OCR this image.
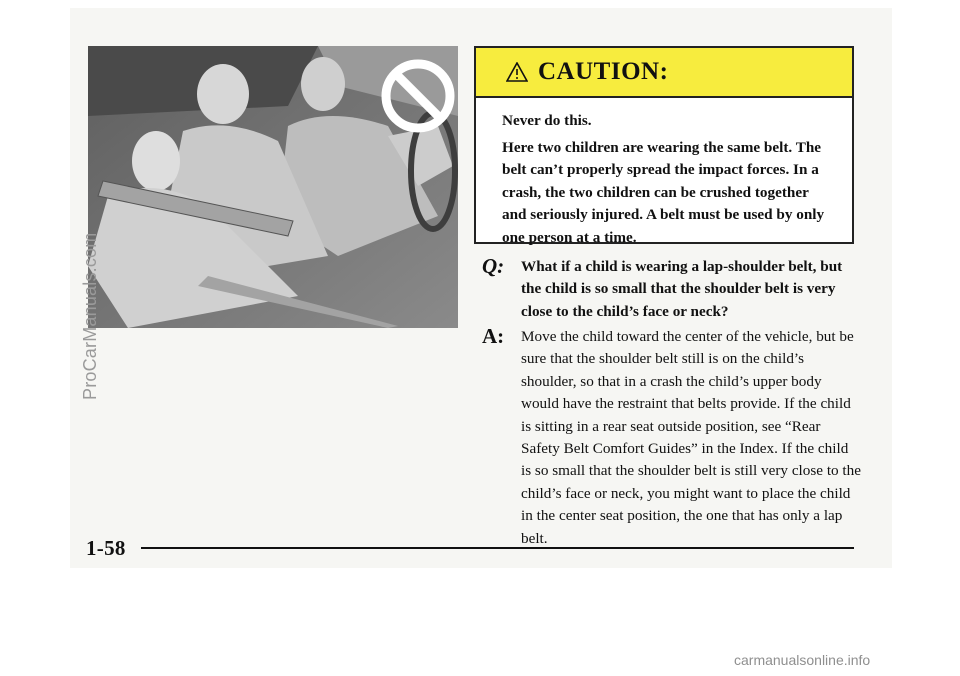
ProCarManuals.com
CAUTION:

Never do this.

Here two children are wearing the same belt. The belt can’t properly spread the impact forces. In a crash, the two children can be crushed together and seriously injured. A belt must be used by only one person at a time.

Q: What if a child is wearing a lap-shoulder belt, but the child is so small that the shoulder belt is very close to the child’s face or neck?
A: Move the child toward the center of the vehicle, but be sure that the shoulder belt still is on the child’s shoulder, so that in a crash the child’s upper body would have the restraint that belts provide. If the child is sitting in a rear seat outside position, see “Rear Safety Belt Comfort Guides” in the Index. If the child is so small that the shoulder belt is still very close to the child’s face or neck, you might want to place the child in the center seat position, the one that has only a lap belt.
1-58
carmanualsonline.info
